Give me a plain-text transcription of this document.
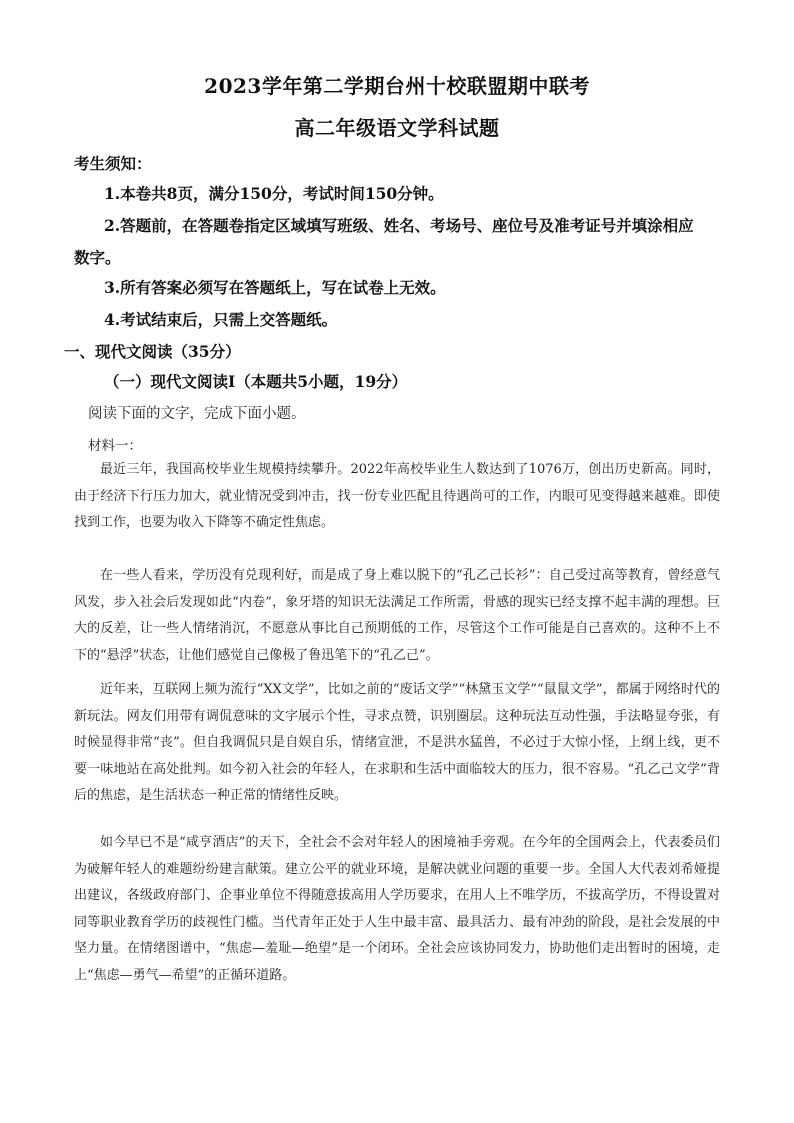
2023学年第二学期台州十校联盟期中联考
高二年级语文学科试题
考生须知：
1.本卷共8页，满分150分，考试时间150分钟。
2.答题前，在答题卷指定区域填写班级、姓名、考场号、座位号及准考证号并填涂相应
数字。
3.所有答案必须写在答题纸上，写在试卷上无效。
4.考试结束后，只需上交答题纸。
一、现代文阅读（35分）
（一）现代文阅读Ⅰ（本题共5小题，19分）
阅读下面的文字，完成下面小题。
材料一：

最近三年，我国高校毕业生规模持续攀升。2022年高校毕业生人数达到了1076万，创出历史新高。同时，由于经济下行压力加大，就业情况受到冲击，找一份专业匹配且待遇尚可的工作，内眼可见变得越来越难。即使找到工作，也要为收入下降等不确定性焦虑。

在一些人看来，学历没有兑现利好，而是成了身上难以脱下的“孔乙己长衫”：自己受过高等教育，曾经意气风发，步入社会后发现如此“内卷”，象牙塔的知识无法满足工作所需，骨感的现实已经支撑不起丰满的理想。巨大的反差，让一些人情绪消沉，不愿意从事比自己预期低的工作，尽管这个工作可能是自己喜欢的。这种不上不下的“悬浮”状态，让他们感觉自己像极了鲁迅笔下的“孔乙己”。

近年来，互联网上频为流行“XX文学”，比如之前的“废话文学”“林黛玉文学”“鼠鼠文学”，都属于网络时代的新玩法。网友们用带有调侃意味的文字展示个性，寻求点赞，识别圈层。这种玩法互动性强，手法略显夸张，有时候显得非常“丧”。但自我调侃只是自娱自乐，情绪宣泄，不是洪水猛兽，不必过于大惊小怪，上纲上线，更不要一味地站在高处批判。如今初入社会的年轻人，在求职和生活中面临较大的压力，很不容易。“孔乙己文学”背后的焦虑，是生活状态一种正常的情绪性反映。

如今早已不是“咸亨酒店”的天下，全社会不会对年轻人的困境袖手旁观。在今年的全国两会上，代表委员们为破解年轻人的难题纷纷建言献策。建立公平的就业环境，是解决就业问题的重要一步。全国人大代表刘希娅提出建议，各级政府部门、企事业单位不得随意拔高用人学历要求，在用人上不唯学历，不拔高学历，不得设置对同等职业教育学历的歧视性门槛。当代青年正处于人生中最丰富、最具活力、最有冲劲的阶段，是社会发展的中坚力量。在情绪图谱中，“焦虑—羞耻—绝望”是一个闭环。全社会应该协同发力，协助他们走出暂时的困境，走上“焦虑—勇气—希望”的正循环道路。
